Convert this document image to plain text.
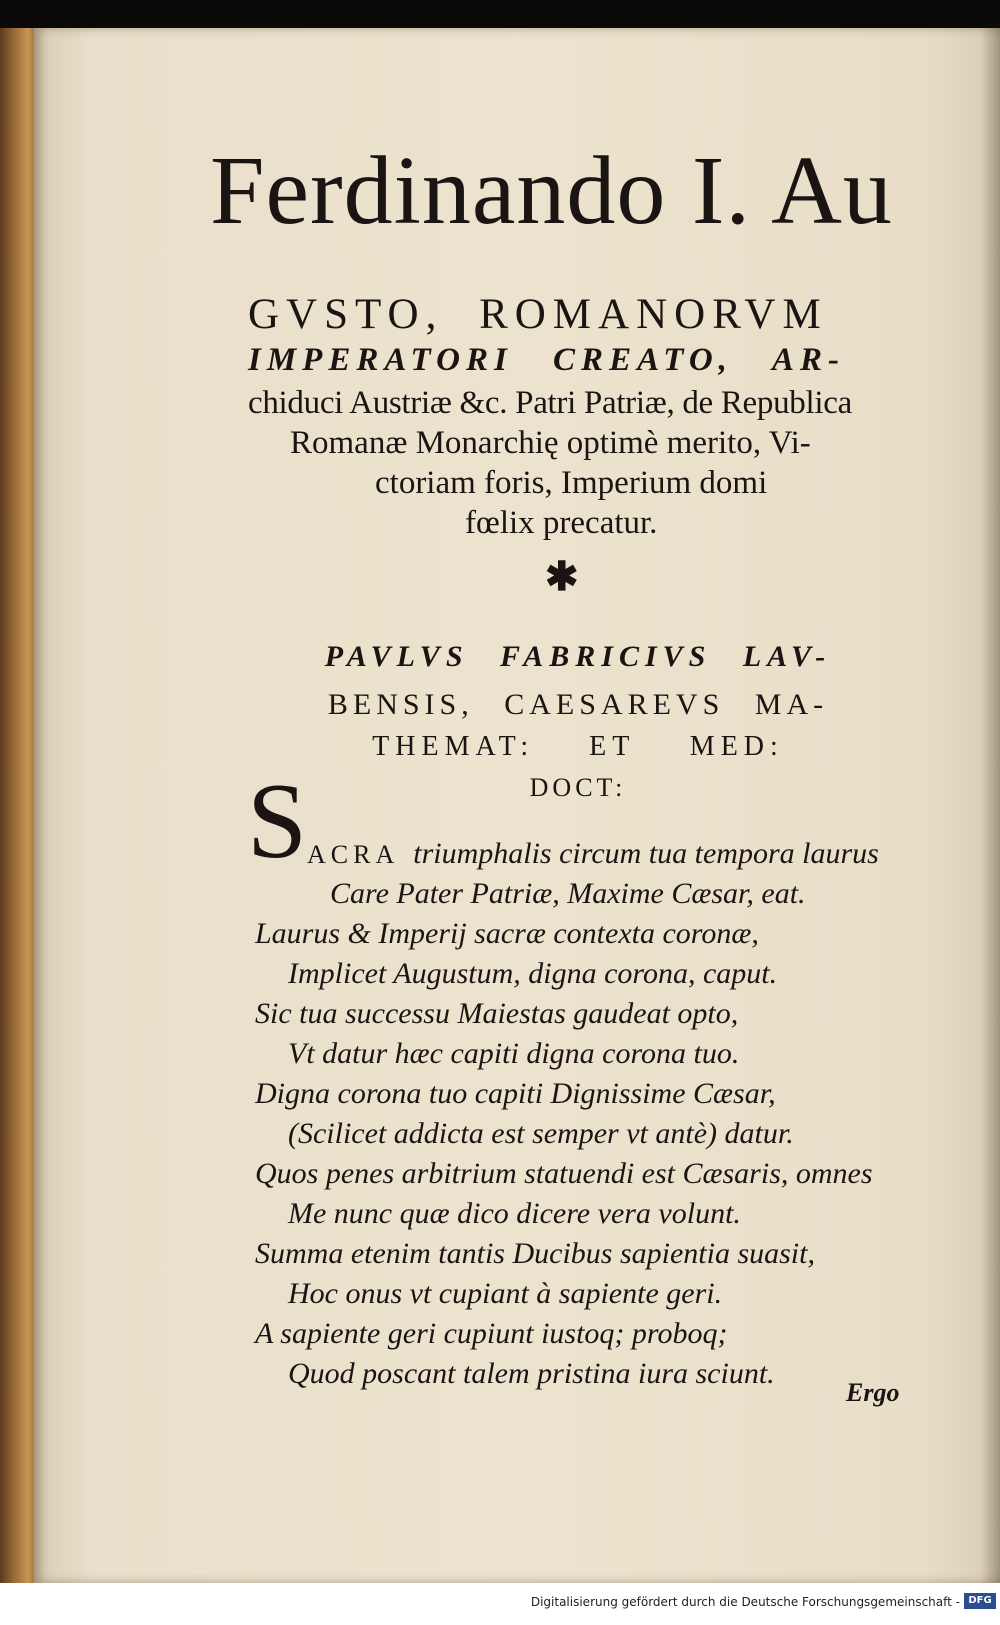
Ferdinando I. Au
GVSTO, ROMANORVM
IMPERATORI CREATO, AR-
chiduci Austriæ &c. Patri Patriæ, de Republica
Romanæ Monarchię optimè merito, Vi-
ctoriam foris, Imperium domi
fœlix precatur.
✱
PAVLVS FABRICIVS LAV-
BENSIS, CAESAREVS MA-
THEMAT: ET MED:
DOCT:
S ACRA triumphalis circum tua tempora laurus
Care Pater Patriæ, Maxime Cæsar, eat.
Laurus & Imperij sacræ contexta coronæ,
Implicet Augustum, digna corona, caput.
Sic tua successu Maiestas gaudeat opto,
Vt datur hæc capiti digna corona tuo.
Digna corona tuo capiti Dignissime Cæsar,
(Scilicet addicta est semper vt antè) datur.
Quos penes arbitrium statuendi est Cæsaris, omnes
Me nunc quæ dico dicere vera volunt.
Summa etenim tantis Ducibus sapientia suasit,
Hoc onus vt cupiant à sapiente geri.
A sapiente geri cupiunt iustoq; proboq;
Quod poscant talem pristina iura sciunt.
Ergo
Digitalisierung gefördert durch die Deutsche Forschungsgemeinschaft - DFG
